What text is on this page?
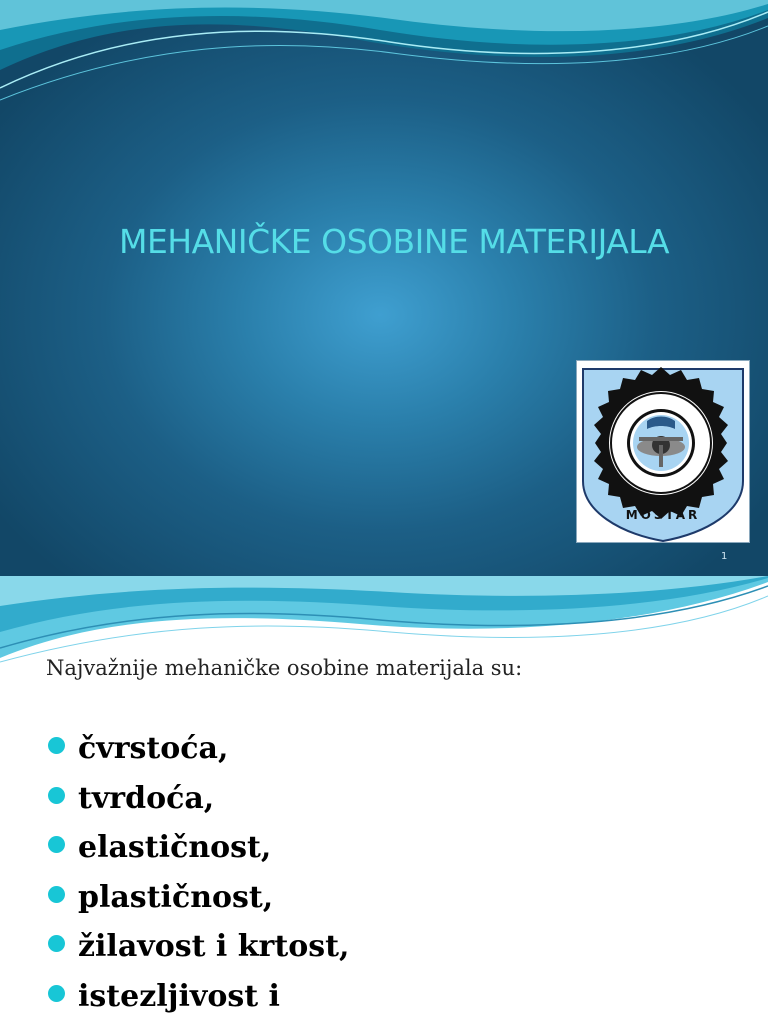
MEHANIČKE OSOBINE MATERIJALA
MOSTAR
1
Najvažnije mehaničke osobine materijala su:
čvrstoća,
tvrdoća,
elastičnost,
plastičnost,
žilavost i krtost,
istezljivost i
